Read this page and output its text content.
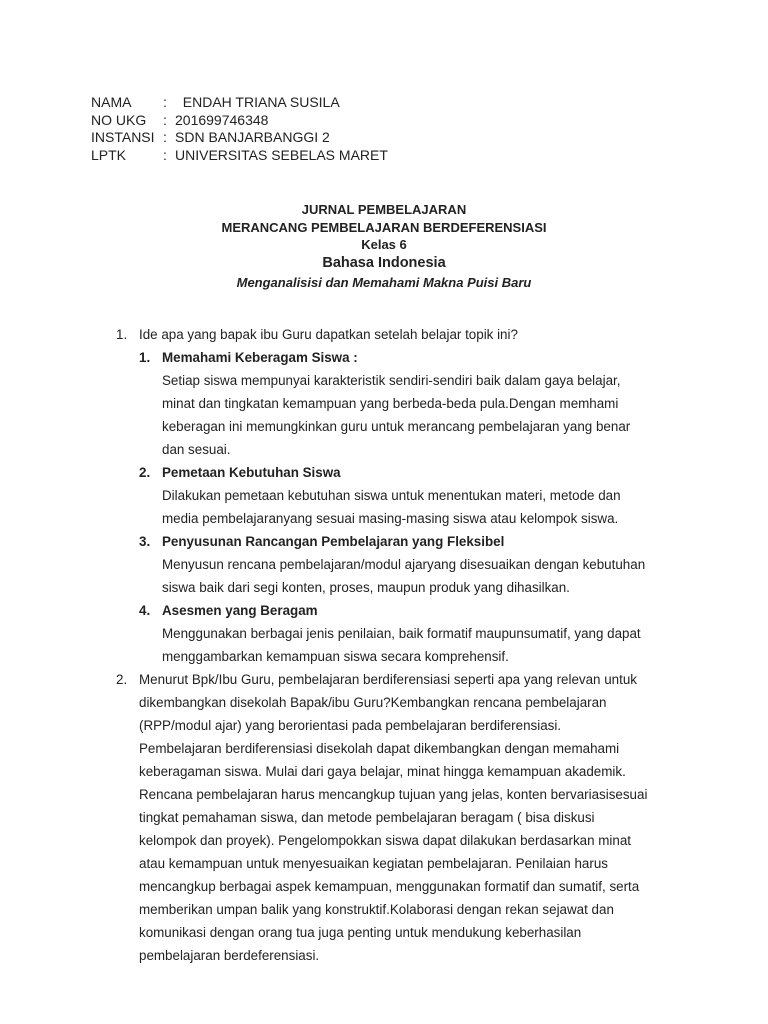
NAMA	: ENDAH TRIANA SUSILA
NO UKG	: 201699746348
INSTANSI : SDN BANJARBANGGI 2
LPTK	: UNIVERSITAS SEBELAS MARET
JURNAL PEMBELAJARAN
MERANCANG PEMBELAJARAN BERDEFERENSIASI
Kelas 6
Bahasa Indonesia
Menganalisisi dan Memahami Makna Puisi Baru
1. Ide apa yang bapak ibu Guru dapatkan setelah belajar topik ini?
1. Memahami Keberagam Siswa :
Setiap siswa mempunyai karakteristik sendiri-sendiri baik dalam gaya belajar,
minat dan tingkatan kemampuan yang berbeda-beda pula.Dengan memhami
keberagan ini memungkinkan guru untuk merancang pembelajaran yang benar
dan sesuai.
2. Pemetaan Kebutuhan Siswa
Dilakukan pemetaan kebutuhan siswa untuk menentukan materi, metode dan
media pembelajaranyang sesuai masing-masing siswa atau kelompok siswa.
3. Penyusunan Rancangan Pembelajaran yang Fleksibel
Menyusun rencana pembelajaran/modul ajaryang disesuaikan dengan kebutuhan
siswa baik dari segi konten, proses, maupun produk yang dihasilkan.
4. Asesmen yang Beragam
Menggunakan berbagai jenis penilaian, baik formatif maupunsumatif, yang dapat
menggambarkan kemampuan siswa secara komprehensif.
2. Menurut Bpk/Ibu Guru, pembelajaran berdiferensiasi seperti apa yang relevan untuk
dikembangkan disekolah Bapak/ibu Guru?Kembangkan rencana pembelajaran
(RPP/modul ajar) yang berorientasi pada pembelajaran berdiferensiasi.
Pembelajaran berdiferensiasi disekolah dapat dikembangkan dengan memahami
keberagaman siswa. Mulai dari gaya belajar, minat hingga kemampuan akademik.
Rencana pembelajaran harus mencangkup tujuan yang jelas, konten bervariasisesuai
tingkat pemahaman siswa, dan metode pembelajaran beragam ( bisa diskusi
kelompok dan proyek). Pengelompokkan siswa dapat dilakukan berdasarkan minat
atau kemampuan untuk menyesuaikan kegiatan pembelajaran. Penilaian harus
mencangkup berbagai aspek kemampuan, menggunakan formatif dan sumatif, serta
memberikan umpan balik yang konstruktif.Kolaborasi dengan rekan sejawat dan
komunikasi dengan orang tua juga penting untuk mendukung keberhasilan
pembelajaran berdeferensiasi.
